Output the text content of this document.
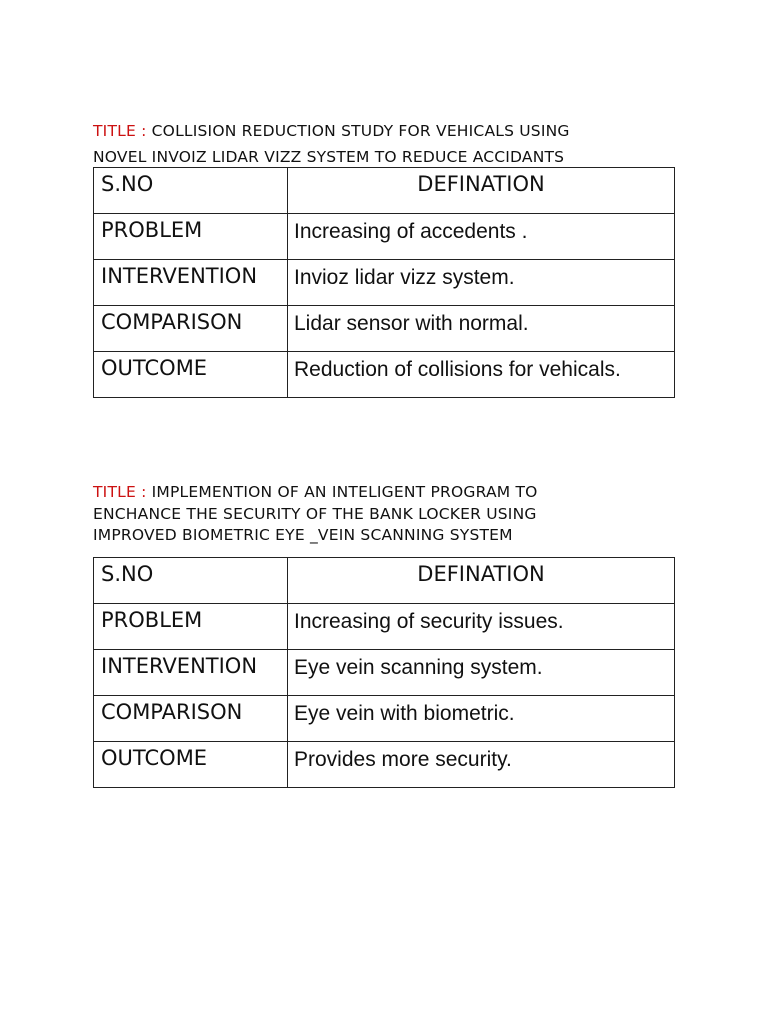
TITLE : COLLISION REDUCTION STUDY FOR VEHICALS USING
NOVEL INVOIZ LIDAR VIZZ SYSTEM TO REDUCE ACCIDANTS
S.NO	DEFINATION
PROBLEM	Increasing of accedents .
INTERVENTION	Invioz lidar vizz system.
COMPARISON	Lidar sensor with normal.
OUTCOME	Reduction of collisions for vehicals.
TITLE : IMPLEMENTION OF AN INTELIGENT PROGRAM TO
ENCHANCE THE SECURITY OF THE BANK LOCKER USING
IMPROVED BIOMETRIC EYE _VEIN SCANNING SYSTEM
S.NO	DEFINATION
PROBLEM	Increasing of security issues.
INTERVENTION	Eye vein scanning system.
COMPARISON	Eye vein with biometric.
OUTCOME	Provides more security.
